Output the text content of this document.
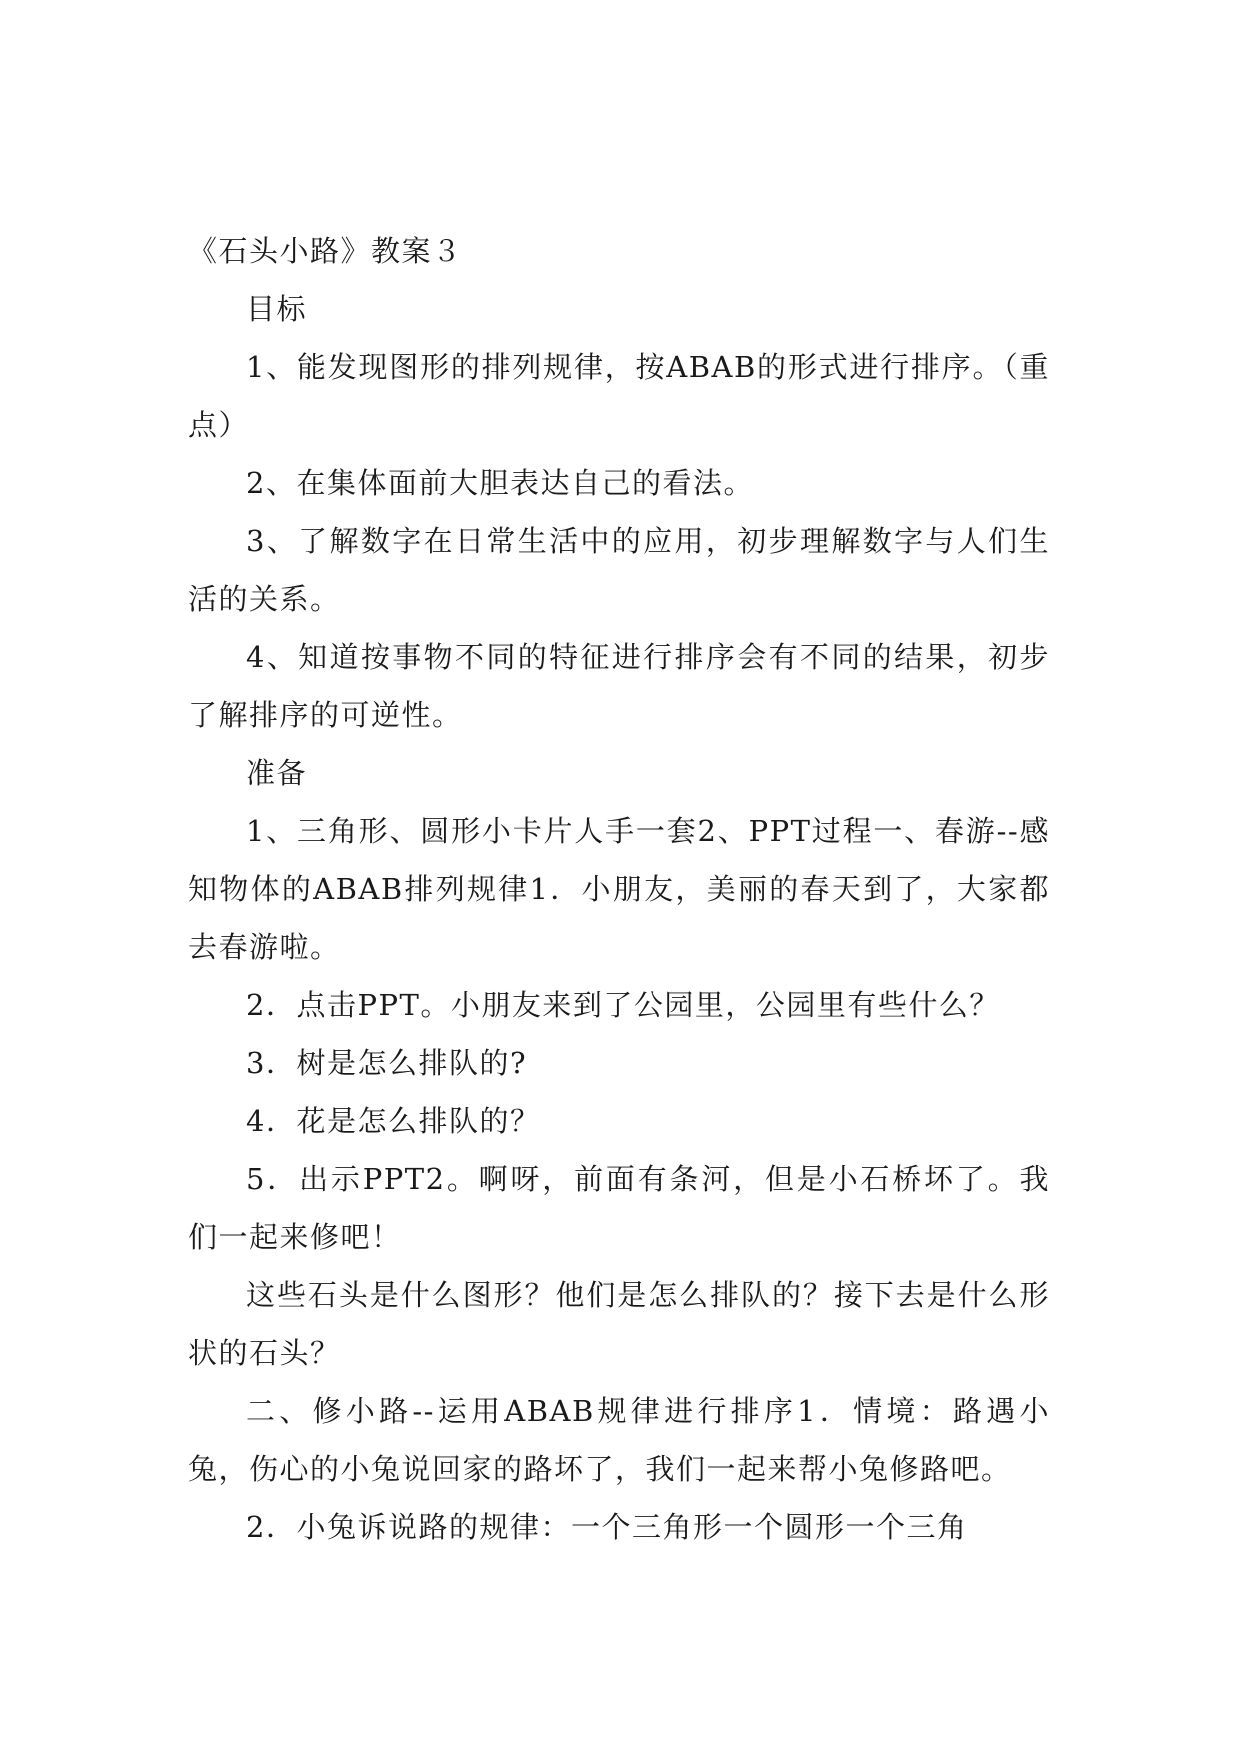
《石头小路》教案３

目标

1、能发现图形的排列规律，按ABAB的形式进行排序。（重点）

2、在集体面前大胆表达自己的看法。

3、了解数字在日常生活中的应用，初步理解数字与人们生活的关系。

4、知道按事物不同的特征进行排序会有不同的结果，初步了解排序的可逆性。

准备

1、三角形、圆形小卡片人手一套2、PPT过程一、春游--感知物体的ABAB排列规律1．小朋友，美丽的春天到了，大家都去春游啦。

2．点击PPT。小朋友来到了公园里，公园里有些什么？

3．树是怎么排队的?

4．花是怎么排队的？

5．出示PPT2。啊呀，前面有条河，但是小石桥坏了。我们一起来修吧！

这些石头是什么图形？他们是怎么排队的？接下去是什么形状的石头？

二、修小路--运用ABAB规律进行排序1．情境：路遇小兔，伤心的小兔说回家的路坏了，我们一起来帮小兔修路吧。

2．小兔诉说路的规律：一个三角形一个圆形一个三角
